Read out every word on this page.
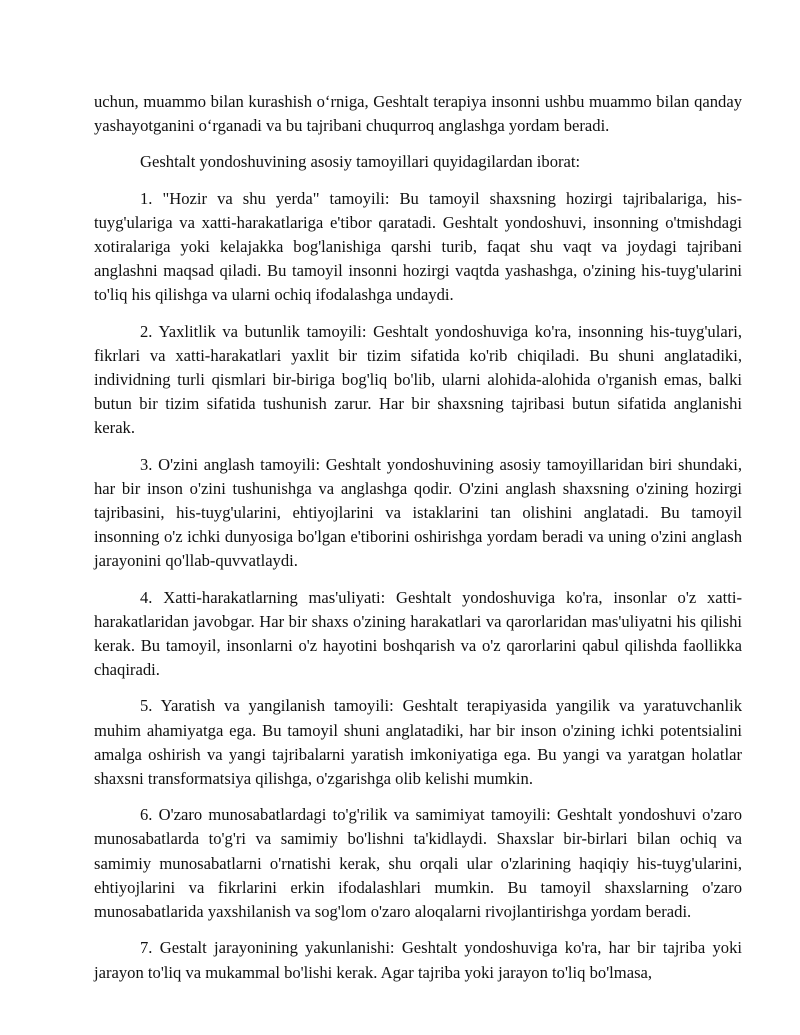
uchun, muammo bilan kurashish o‘rniga, Geshtalt terapiya insonni ushbu muammo bilan qanday yashayotganini o‘rganadi va bu tajribani chuqurroq anglashga yordam beradi.

Geshtalt yondoshuvining asosiy tamoyillari quyidagilardan iborat:

1. "Hozir va shu yerda" tamoyili: Bu tamoyil shaxsning hozirgi tajribalariga, his-tuyg'ulariga va xatti-harakatlariga e'tibor qaratadi. Geshtalt yondoshuvi, insonning o'tmishdagi xotiralariga yoki kelajakka bog'lanishiga qarshi turib, faqat shu vaqt va joydagi tajribani anglashni maqsad qiladi. Bu tamoyil insonni hozirgi vaqtda yashashga, o'zining his-tuyg'ularini to'liq his qilishga va ularni ochiq ifodalashga undaydi.

2. Yaxlitlik va butunlik tamoyili: Geshtalt yondoshuviga ko'ra, insonning his-tuyg'ulari, fikrlari va xatti-harakatlari yaxlit bir tizim sifatida ko'rib chiqiladi. Bu shuni anglatadiki, individning turli qismlari bir-biriga bog'liq bo'lib, ularni alohida-alohida o'rganish emas, balki butun bir tizim sifatida tushunish zarur. Har bir shaxsning tajribasi butun sifatida anglanishi kerak.

3. O'zini anglash tamoyili: Geshtalt yondoshuvining asosiy tamoyillaridan biri shundaki, har bir inson o'zini tushunishga va anglashga qodir. O'zini anglash shaxsning o'zining hozirgi tajribasini, his-tuyg'ularini, ehtiyojlarini va istaklarini tan olishini anglatadi. Bu tamoyil insonning o'z ichki dunyosiga bo'lgan e'tiborini oshirishga yordam beradi va uning o'zini anglash jarayonini qo'llab-quvvatlaydi.

4. Xatti-harakatlarning mas'uliyati: Geshtalt yondoshuviga ko'ra, insonlar o'z xatti-harakatlaridan javobgar. Har bir shaxs o'zining harakatlari va qarorlaridan mas'uliyatni his qilishi kerak. Bu tamoyil, insonlarni o'z hayotini boshqarish va o'z qarorlarini qabul qilishda faollikka chaqiradi.

5. Yaratish va yangilanish tamoyili: Geshtalt terapiyasida yangilik va yaratuvchanlik muhim ahamiyatga ega. Bu tamoyil shuni anglatadiki, har bir inson o'zining ichki potentsialini amalga oshirish va yangi tajribalarni yaratish imkoniyatiga ega. Bu yangi va yaratgan holatlar shaxsni transformatsiya qilishga, o'zgarishga olib kelishi mumkin.

6. O'zaro munosabatlardagi to'g'rilik va samimiyat tamoyili: Geshtalt yondoshuvi o'zaro munosabatlarda to'g'ri va samimiy bo'lishni ta'kidlaydi. Shaxslar bir-birlari bilan ochiq va samimiy munosabatlarni o'rnatishi kerak, shu orqali ular o'zlarining haqiqiy his-tuyg'ularini, ehtiyojlarini va fikrlarini erkin ifodalashlari mumkin. Bu tamoyil shaxslarning o'zaro munosabatlarida yaxshilanish va sog'lom o'zaro aloqalarni rivojlantirishga yordam beradi.

7. Gestalt jarayonining yakunlanishi: Geshtalt yondoshuviga ko'ra, har bir tajriba yoki jarayon to'liq va mukammal bo'lishi kerak. Agar tajriba yoki jarayon to'liq bo'lmasa,
